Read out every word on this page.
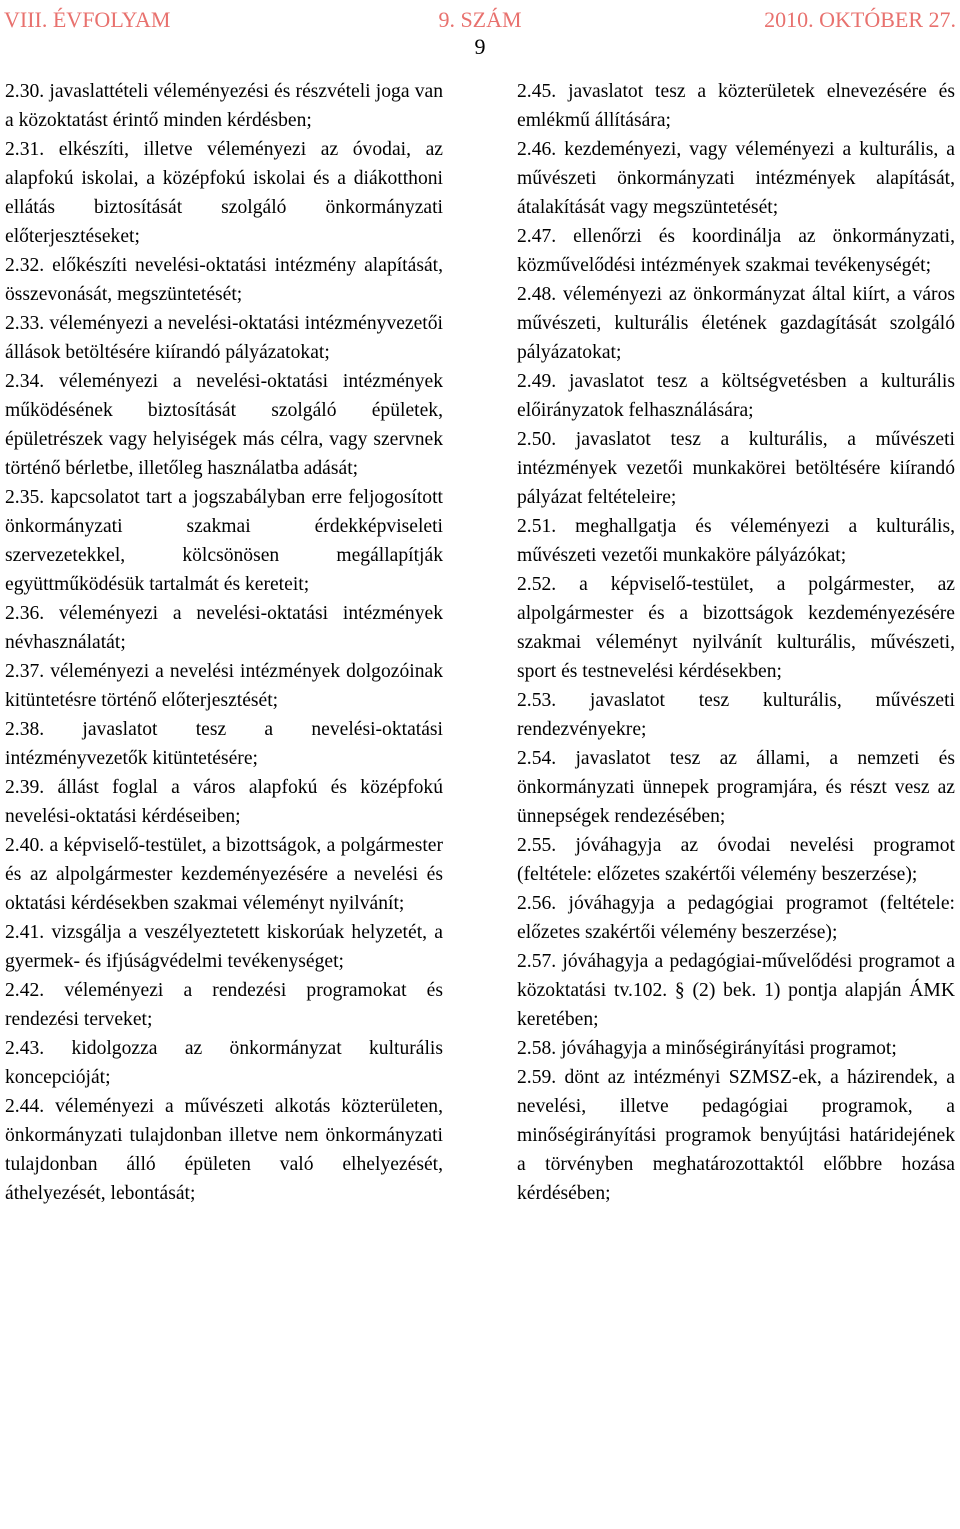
VIII. ÉVFOLYAM	9. SZÁM	2010. OKTÓBER 27.
9

2.30. javaslattételi véleményezési és részvételi joga van a közoktatást érintő minden kérdésben;

2.31. elkészíti, illetve véleményezi az óvodai, az alapfokú iskolai, a középfokú iskolai és a diákotthoni ellátás biztosítását szolgáló önkormányzati előterjesztéseket;

2.32. előkészíti nevelési-oktatási intézmény alapítását, összevonását, megszüntetését;

2.33. véleményezi a nevelési-oktatási intézményvezetői állások betöltésére kiírandó pályázatokat;

2.34. véleményezi a nevelési-oktatási intézmények működésének biztosítását szolgáló épületek, épületrészek vagy helyiségek más célra, vagy szervnek történő bérletbe, illetőleg használatba adását;

2.35. kapcsolatot tart a jogszabályban erre feljogosított önkormányzati szakmai érdekképviseleti szervezetekkel, kölcsönösen megállapítják együttműködésük tartalmát és kereteit;

2.36. véleményezi a nevelési-oktatási intézmények névhasználatát;

2.37. véleményezi a nevelési intézmények dolgozóinak kitüntetésre történő előterjesztését;

2.38. javaslatot tesz a nevelési-oktatási intézményvezetők kitüntetésére;

2.39. állást foglal a város alapfokú és középfokú nevelési-oktatási kérdéseiben;

2.40. a képviselő-testület, a bizottságok, a polgármester és az alpolgármester kezdeményezésére a nevelési és oktatási kérdésekben szakmai véleményt nyilvánít;

2.41. vizsgálja a veszélyeztetett kiskorúak helyzetét, a gyermek- és ifjúságvédelmi tevékenységet;

2.42. véleményezi a rendezési programokat és rendezési terveket;

2.43. kidolgozza az önkormányzat kulturális koncepcióját;

2.44. véleményezi a művészeti alkotás közterületen, önkormányzati tulajdonban illetve nem önkormányzati tulajdonban álló épületen való elhelyezését, áthelyezését, lebontását;

2.45. javaslatot tesz a közterületek elnevezésére és emlékmű állítására;

2.46. kezdeményezi, vagy véleményezi a kulturális, a művészeti önkormányzati intézmények alapítását, átalakítását vagy megszüntetését;

2.47. ellenőrzi és koordinálja az önkormányzati, közművelődési intézmények szakmai tevékenységét;

2.48. véleményezi az önkormányzat által kiírt, a város művészeti, kulturális életének gazdagítását szolgáló pályázatokat;

2.49. javaslatot tesz a költségvetésben a kulturális előirányzatok felhasználására;

2.50. javaslatot tesz a kulturális, a művészeti intézmények vezetői munkakörei betöltésére kiírandó pályázat feltételeire;

2.51. meghallgatja és véleményezi a kulturális, művészeti vezetői munkaköre pályázókat;

2.52. a képviselő-testület, a polgármester, az alpolgármester és a bizottságok kezdeményezésére szakmai véleményt nyilvánít kulturális, művészeti, sport és testnevelési kérdésekben;

2.53. javaslatot tesz kulturális, művészeti rendezvényekre;

2.54. javaslatot tesz az állami, a nemzeti és önkormányzati ünnepek programjára, és részt vesz az ünnepségek rendezésében;

2.55. jóváhagyja az óvodai nevelési programot (feltétele: előzetes szakértői vélemény beszerzése);

2.56. jóváhagyja a pedagógiai programot (feltétele: előzetes szakértői vélemény beszerzése);

2.57. jóváhagyja a pedagógiai-művelődési programot a közoktatási tv.102. § (2) bek. 1) pontja alapján ÁMK keretében;

2.58. jóváhagyja a minőségirányítási programot;

2.59. dönt az intézményi SZMSZ-ek, a házirendek, a nevelési, illetve pedagógiai programok, a minőségirányítási programok benyújtási határidejének a törvényben meghatározottaktól előbbre hozása kérdésében;
